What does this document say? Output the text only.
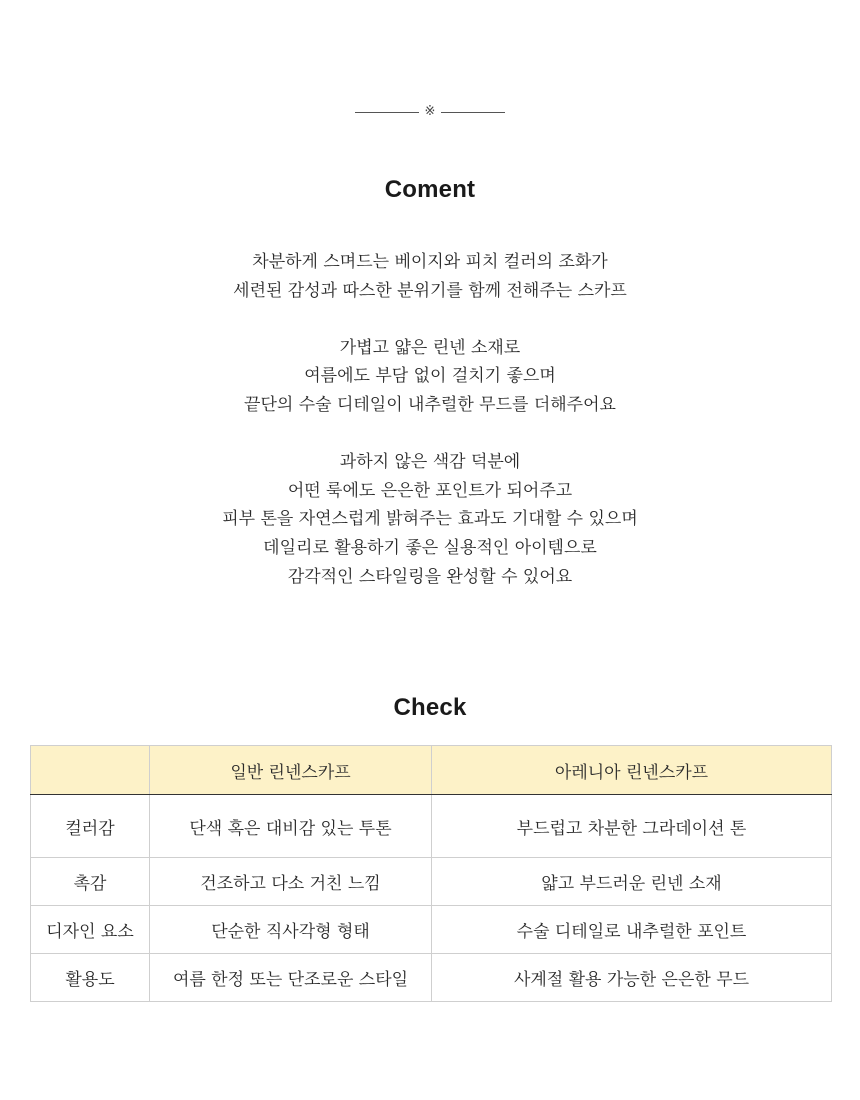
※
Coment
차분하게 스며드는 베이지와 피치 컬러의 조화가
세련된 감성과 따스한 분위기를 함께 전해주는 스카프
가볍고 얇은 린넨 소재로
여름에도 부담 없이 걸치기 좋으며
끝단의 수술 디테일이 내추럴한 무드를 더해주어요
과하지 않은 색감 덕분에
어떤 룩에도 은은한 포인트가 되어주고
피부 톤을 자연스럽게 밝혀주는 효과도 기대할 수 있으며
데일리로 활용하기 좋은 실용적인 아이템으로
감각적인 스타일링을 완성할 수 있어요
Check
	일반 린넨스카프	아레니아 린넨스카프
컬러감	단색 혹은 대비감 있는 투톤	부드럽고 차분한 그라데이션 톤
촉감	건조하고 다소 거친 느낌	얇고 부드러운 린넨 소재
디자인 요소	단순한 직사각형 형태	수술 디테일로 내추럴한 포인트
활용도	여름 한정 또는 단조로운 스타일	사계절 활용 가능한 은은한 무드
